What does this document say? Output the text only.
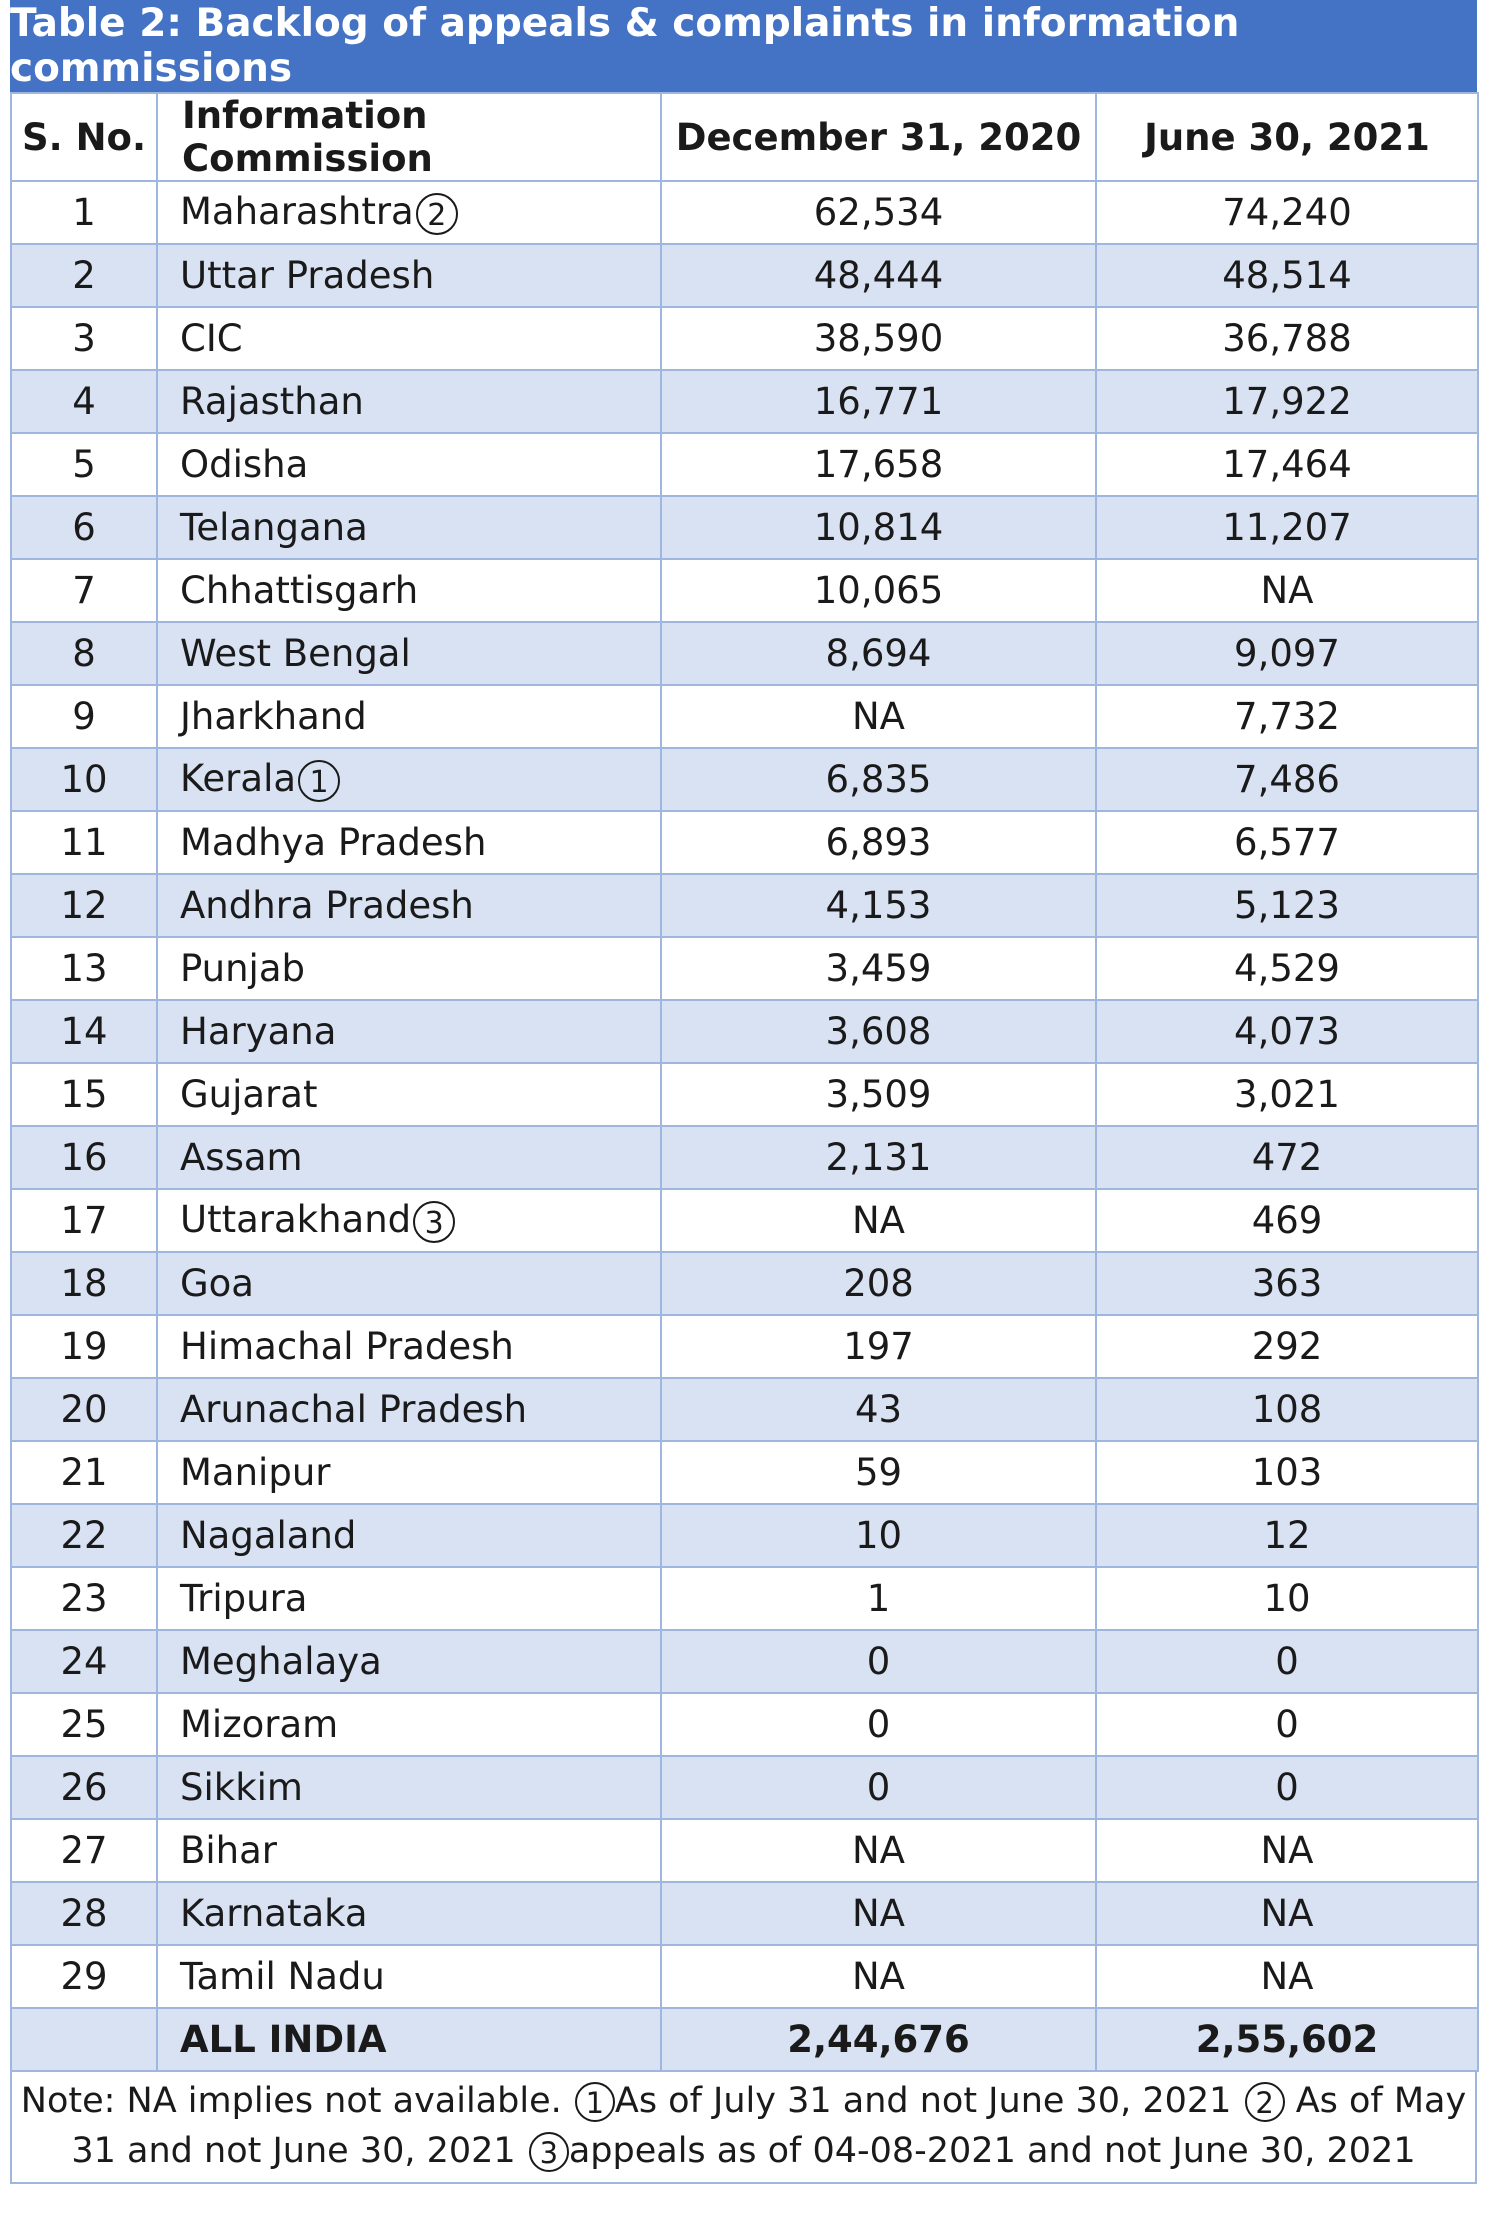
Table 2: Backlog of appeals & complaints in information commissions
S. No.	Information Commission	December 31, 2020	June 30, 2021
1	Maharashtra 2	62,534	74,240
2	Uttar Pradesh	48,444	48,514
3	CIC	38,590	36,788
4	Rajasthan	16,771	17,922
5	Odisha	17,658	17,464
6	Telangana	10,814	11,207
7	Chhattisgarh	10,065	NA
8	West Bengal	8,694	9,097
9	Jharkhand	NA	7,732
10	Kerala 1	6,835	7,486
11	Madhya Pradesh	6,893	6,577
12	Andhra Pradesh	4,153	5,123
13	Punjab	3,459	4,529
14	Haryana	3,608	4,073
15	Gujarat	3,509	3,021
16	Assam	2,131	472
17	Uttarakhand 3	NA	469
18	Goa	208	363
19	Himachal Pradesh	197	292
20	Arunachal Pradesh	43	108
21	Manipur	59	103
22	Nagaland	10	12
23	Tripura	1	10
24	Meghalaya	0	0
25	Mizoram	0	0
26	Sikkim	0	0
27	Bihar	NA	NA
28	Karnataka	NA	NA
29	Tamil Nadu	NA	NA
	ALL INDIA	2,44,676	2,55,602
Note: NA implies not available. 1 As of July 31 and not June 30, 2021 2 As of May 31 and not June 30, 2021 3 appeals as of 04-08-2021 and not June 30, 2021
